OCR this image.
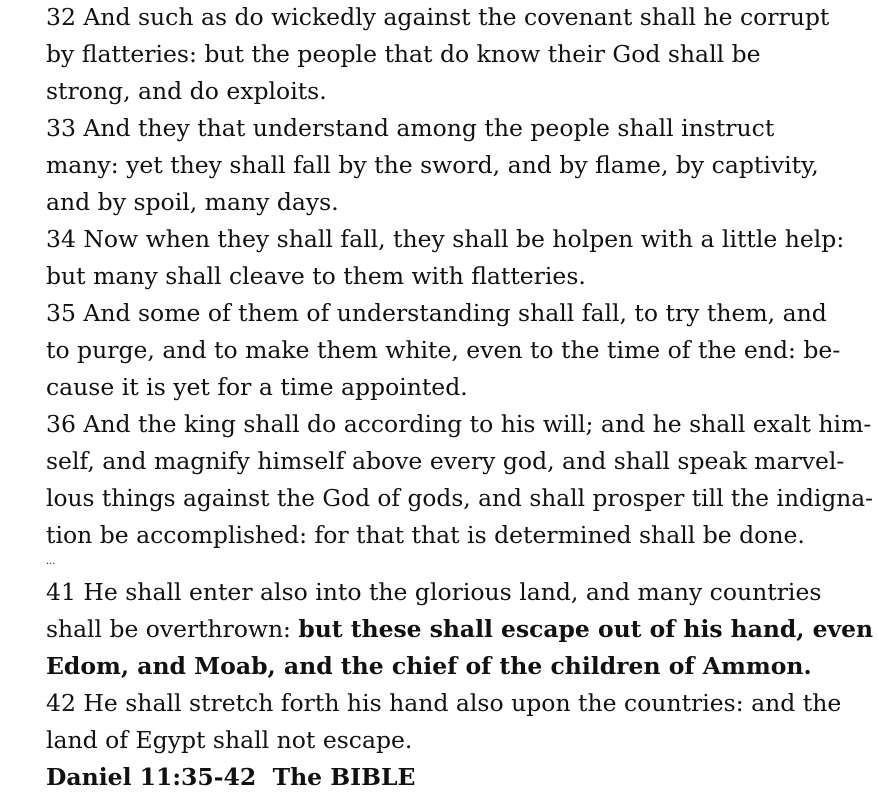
32 And such as do wickedly against the covenant shall he corrupt
by flatteries: but the people that do know their God shall be
strong, and do exploits.
33 And they that understand among the people shall instruct
many: yet they shall fall by the sword, and by flame, by captivity,
and by spoil, many days.
34 Now when they shall fall, they shall be holpen with a little help:
but many shall cleave to them with flatteries.
35 And some of them of understanding shall fall, to try them, and
to purge, and to make them white, even to the time of the end: be-
cause it is yet for a time appointed.
36 And the king shall do according to his will; and he shall exalt him-
self, and magnify himself above every god, and shall speak marvel-
lous things against the God of gods, and shall prosper till the indigna-
tion be accomplished: for that that is determined shall be done.
...
41 He shall enter also into the glorious land, and many countries
shall be overthrown: but these shall escape out of his hand, even
Edom, and Moab, and the chief of the children of Ammon.
42 He shall stretch forth his hand also upon the countries: and the
land of Egypt shall not escape.
Daniel 11:35-42  The BIBLE
